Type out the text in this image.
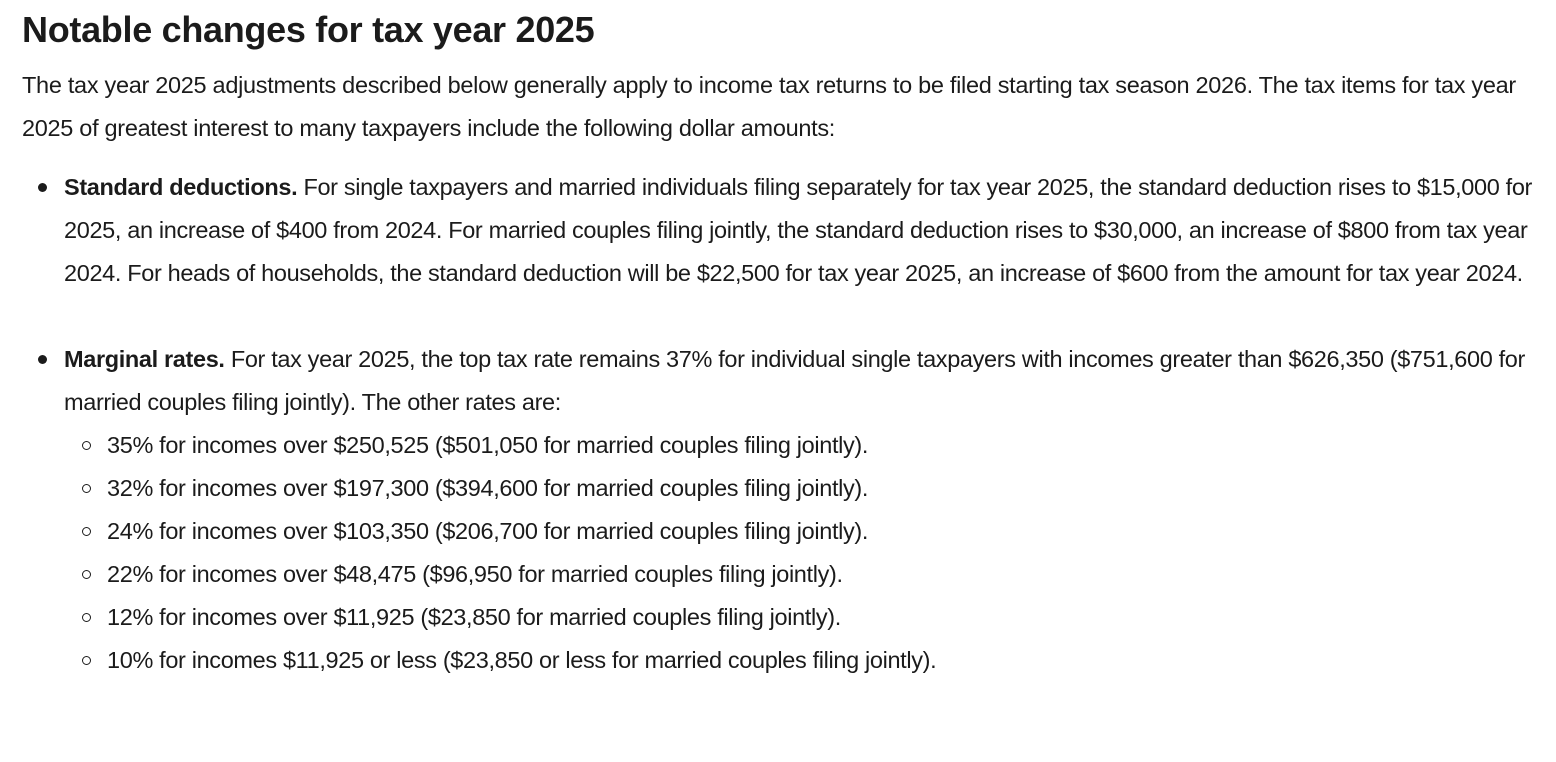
Notable changes for tax year 2025

The tax year 2025 adjustments described below generally apply to income tax returns to be filed starting tax season 2026. The tax items for tax year 2025 of greatest interest to many taxpayers include the following dollar amounts:

Standard deductions. For single taxpayers and married individuals filing separately for tax year 2025, the standard deduction rises to $15,000 for 2025, an increase of $400 from 2024. For married couples filing jointly, the standard deduction rises to $30,000, an increase of $800 from tax year 2024. For heads of households, the standard deduction will be $22,500 for tax year 2025, an increase of $600 from the amount for tax year 2024.
Marginal rates. For tax year 2025, the top tax rate remains 37% for individual single taxpayers with incomes greater than $626,350 ($751,600 for married couples filing jointly). The other rates are:
35% for incomes over $250,525 ($501,050 for married couples filing jointly).
32% for incomes over $197,300 ($394,600 for married couples filing jointly).
24% for incomes over $103,350 ($206,700 for married couples filing jointly).
22% for incomes over $48,475 ($96,950 for married couples filing jointly).
12% for incomes over $11,925 ($23,850 for married couples filing jointly).
10% for incomes $11,925 or less ($23,850 or less for married couples filing jointly).
